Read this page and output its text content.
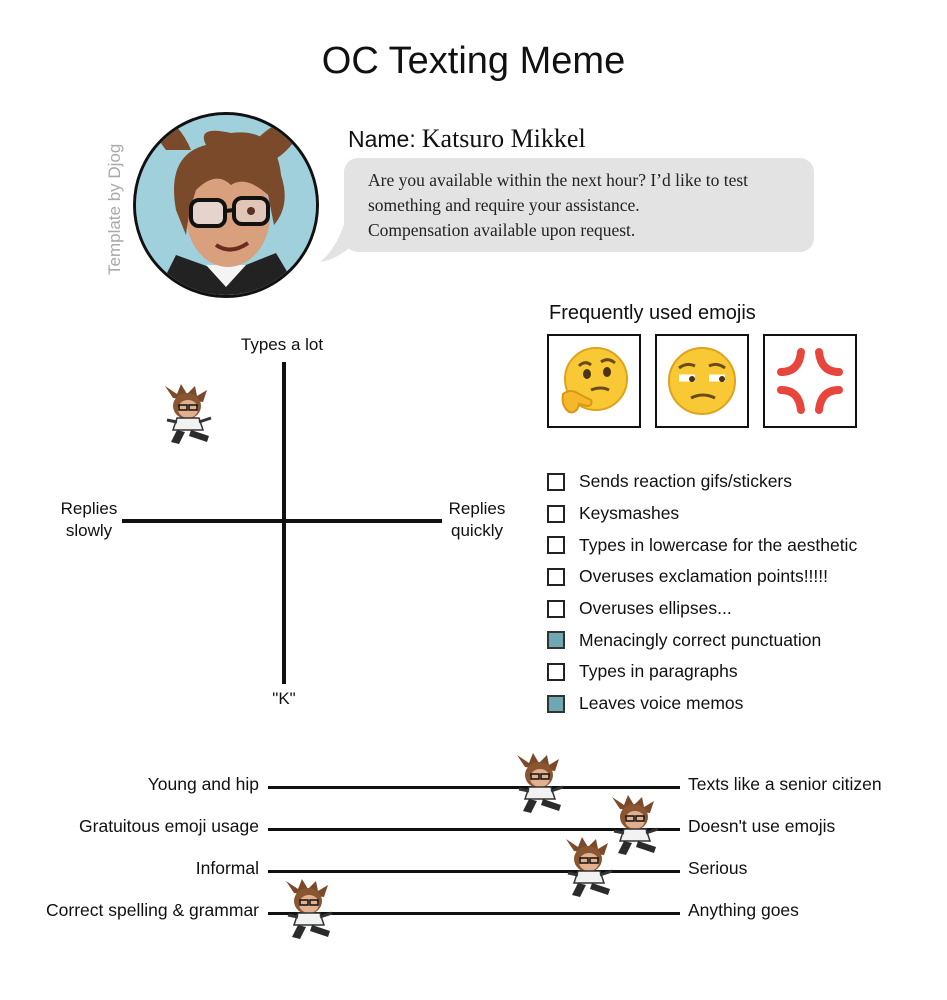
OC Texting Meme
Template by Djog
Name: Katsuro Mikkel
Are you available within the next hour? I’d like to test
something and require your assistance.
Compensation available upon request.
Types a lot
"K"
Replies
slowly
Replies
quickly
Frequently used emojis
Sends reaction gifs/stickers
Keysmashes
Types in lowercase for the aesthetic
Overuses exclamation points!!!!!
Overuses ellipses...
Menacingly correct punctuation
Types in paragraphs
Leaves voice memos
Young and hip	Texts like a senior citizen
Gratuitous emoji usage	Doesn't use emojis
Informal	Serious
Correct spelling & grammar	Anything goes
